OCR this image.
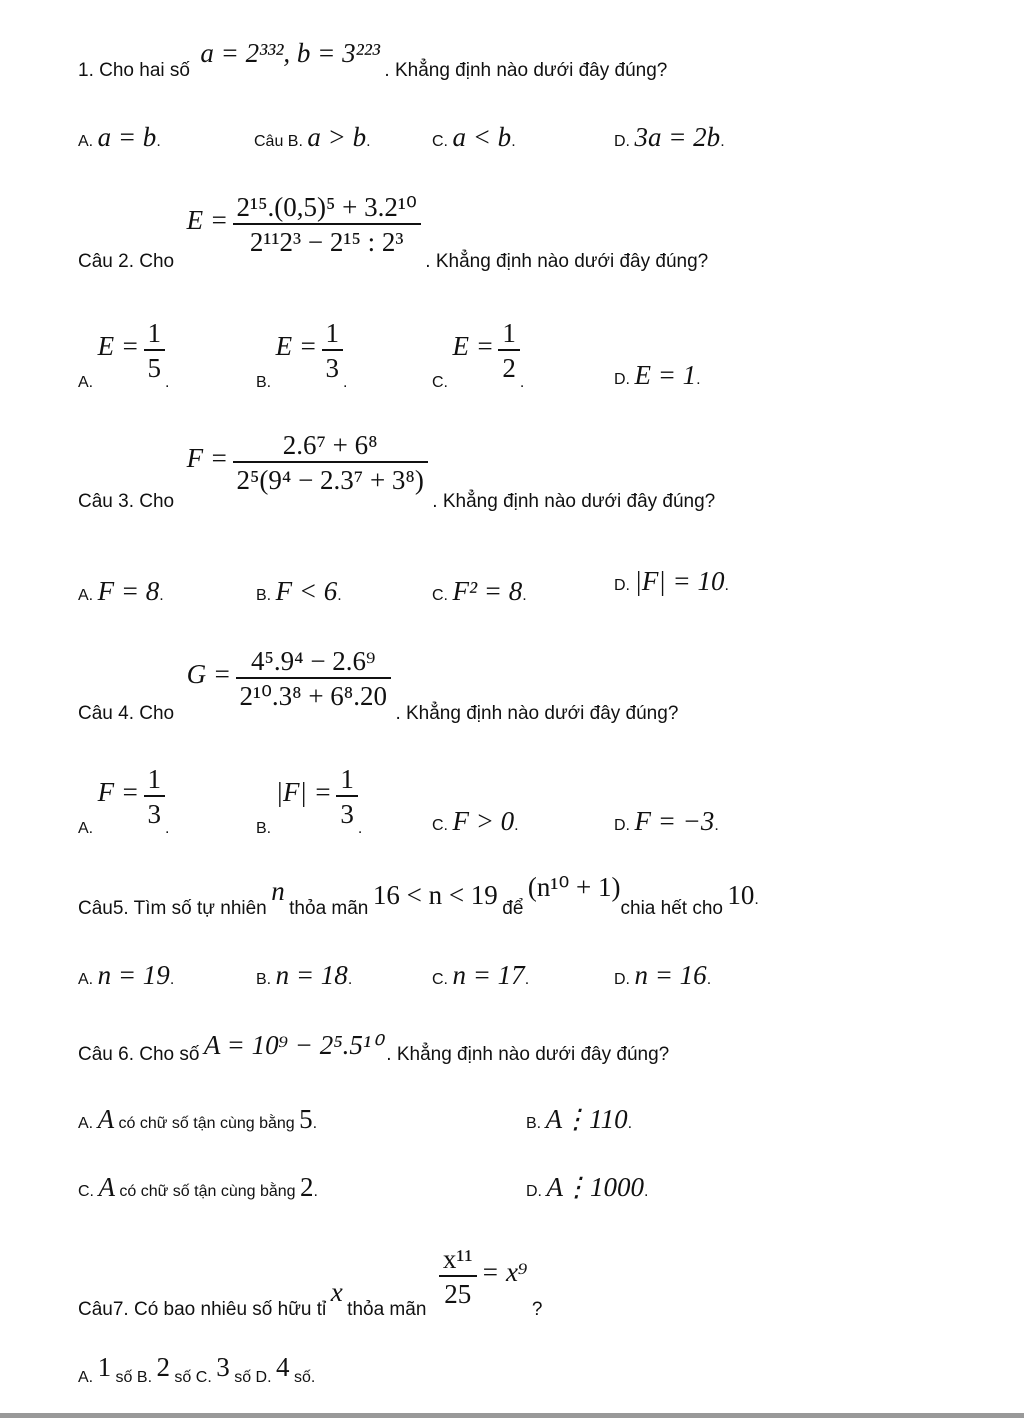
1. Cho hai số a = 2³³², b = 3²²³ . Khẳng định nào dưới đây đúng?
A. a = b.	Câu B. a > b.	C. a < b.	D. 3a = 2b.
Câu 2. Cho $E = \frac{\text{2¹⁵.(0,5)⁵ + 3.2¹⁰}}{\text{2¹¹2³ − 2¹⁵ : 2³}}$
. Khẳng định nào dưới đây đúng?
A. $E = \frac{1}{5}$ .	B. $E = \frac{1}{3}$ .	C. $E = \frac{1}{2}$ .	D. E = 1.
Câu 3. Cho $F = \frac{\text{2.6⁷ + 6⁸}}{\text{2⁵(9⁴ − 2.3⁷ + 3⁸)}}$
. Khẳng định nào dưới đây đúng?
A. F = 8.	B. F < 6.	C. F² = 8.
D. |F| = 10.
Câu 4. Cho $G = \frac{\text{4⁵.9⁴ − 2.6⁹}}{\text{2¹⁰.3⁸ + 6⁸.20}}$
. Khẳng định nào dưới đây đúng?
A. $F = \frac{1}{3}$ .	B. $|F| = \frac{1}{3}$ .	C. F > 0.	D. F = −3.
Câu5. Tìm số tự nhiên n thỏa mãn 16 < n < 19 để (n¹⁰ + 1)chia hết cho 10.
A. n = 19.	B. n = 18.	C. n = 17.	D. n = 16.
Câu 6. Cho số A = 10⁹ − 2⁵.5¹⁰ . Khẳng định nào dưới đây đúng?
A. A có chữ số tận cùng bằng 5.	B. A⋮110.
C. A có chữ số tận cùng bằng 2.	D. A⋮1000.
Câu7. Có bao nhiêu số hữu tỉ x thỏa mãn $\frac{\text{x¹¹}}{25} = x^9$ ?
A. 1 số B. 2 số C. 3 số D. 4 số.
